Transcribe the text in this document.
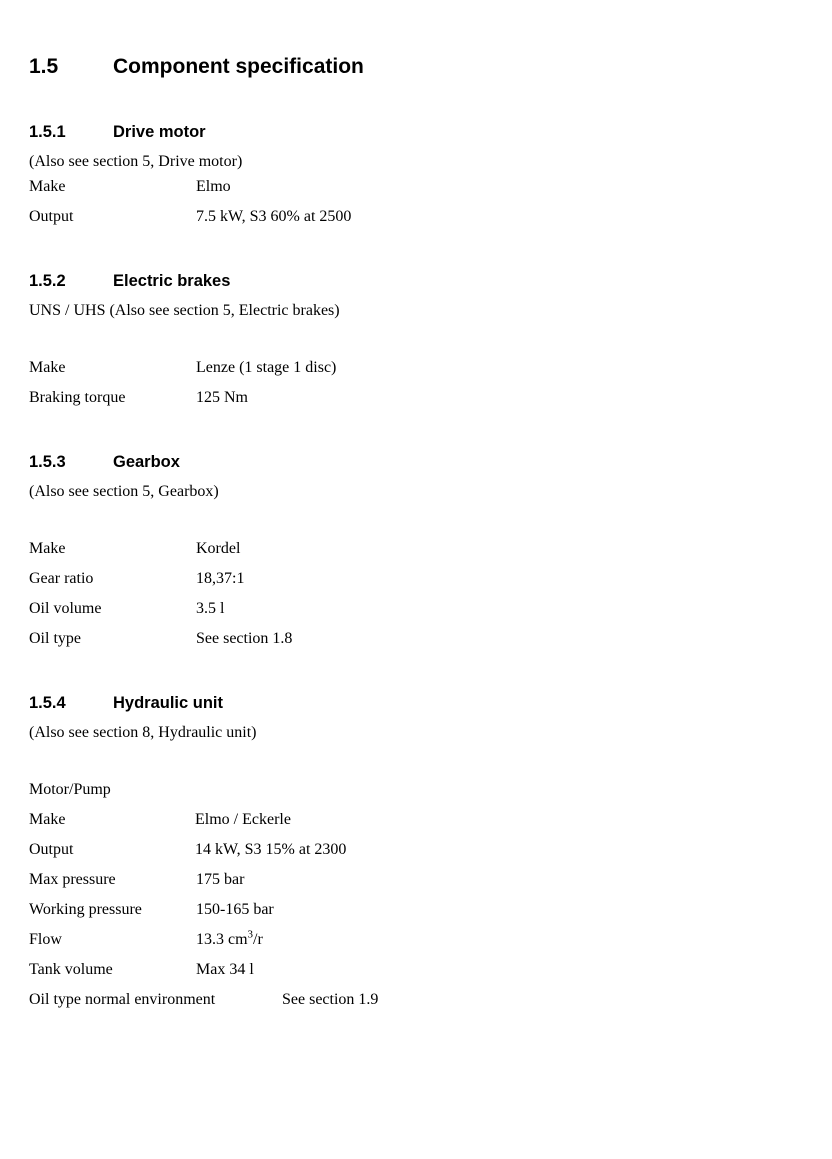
1.5	Component specification
1.5.1	Drive motor

(Also see section 5, Drive motor)

Make	Elmo
Output	7.5 kW, S3 60% at 2500
1.5.2	Electric brakes

UNS / UHS (Also see section 5, Electric brakes)

Make	Lenze (1 stage 1 disc)
Braking torque	125 Nm
1.5.3	Gearbox

(Also see section 5, Gearbox)

Make	Kordel
Gear ratio	18,37:1
Oil volume	3.5 l
Oil type	See section 1.8
1.5.4	Hydraulic unit

(Also see section 8, Hydraulic unit)

Motor/Pump

Make	Elmo / Eckerle
Output	14 kW, S3 15% at 2300
Max pressure	175 bar
Working pressure	150-165 bar
Flow	13.3 $cm^3/r$
Tank volume	Max 34 l
Oil type normal environment	See section 1.9
